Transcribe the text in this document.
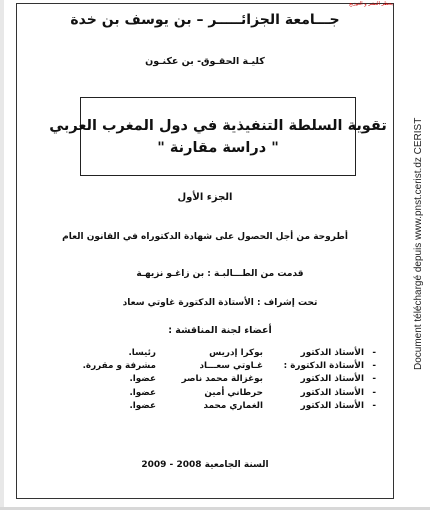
يحظر النشر و التوزيع
جـــامعة الجزائـــــر – بن يوسف بن خدة
كليـة الحقـوق- بن عكنـون
تقوية السلطة التنفيذية في دول المغرب العربي
" دراسة مقارنة "
الجزء الأول
أطروحة من أجل الحصول على شهادة الدكتوراه في القانون العام
قدمت من الطـــالبـة : بن زاغـو نزيهـة
تحت إشراف : الأستاذة الدكتورة غاوتي سعاد
أعضاء لجنة المناقشة :
-
الأستاذ الدكتور
بوكرا إدريس
رئيسا.
-
الأستاذة الدكتورة :
غـاوتي سعـــاد
مشرفة و مقررة.
-
الأستاذ الدكتور
بوغزالة محمد ناصر
عضوا.
-
الأستاذ الدكتور
حرطاني أمين
عضوا.
-
الأستاذ الدكتور
الغماري محمد
عضوا.
السنة الجامعية 2008 - 2009
Document téléchargé depuis www.pnst.cerist.dz CERIST
